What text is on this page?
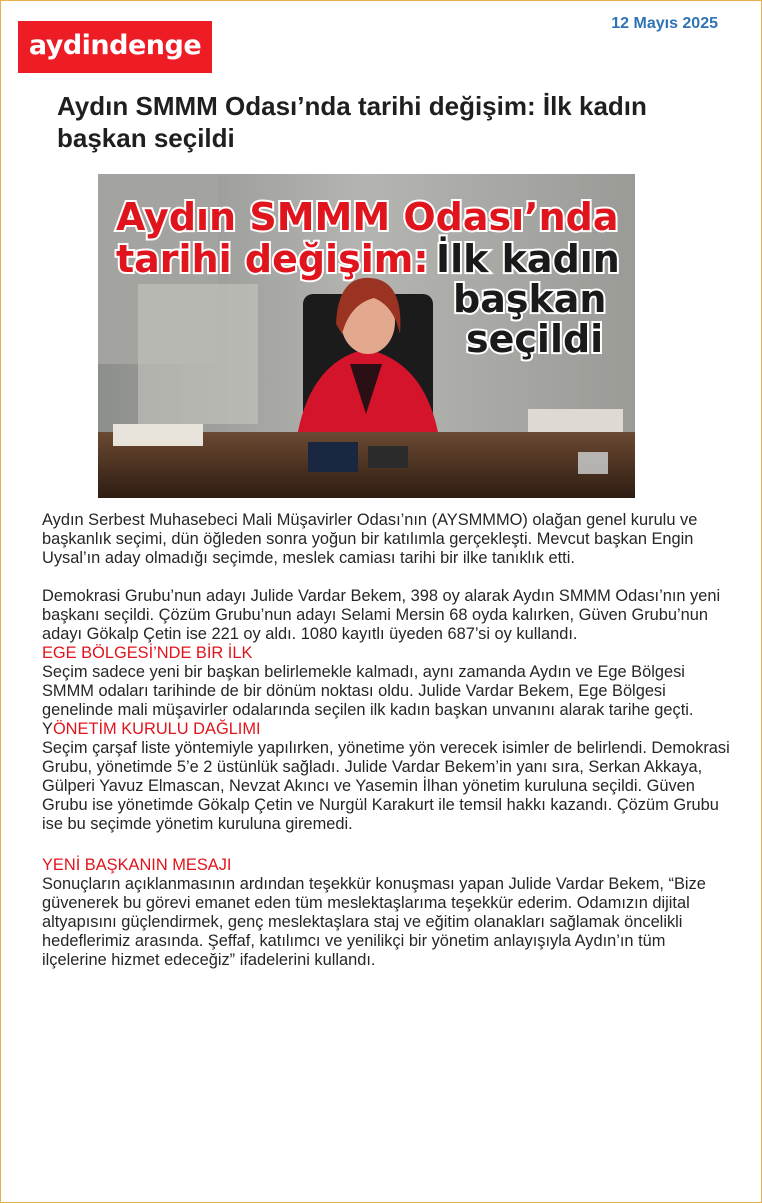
aydindenge
12 Mayıs 2025
Aydın SMMM Odası’nda tarihi değişim: İlk kadın başkan seçildi
Aydın SMMM Odası’nda
tarihi değişim: İlk kadın
başkan
seçildi

Aydın Serbest Muhasebeci Mali Müşavirler Odası’nın (AYSMMMO) olağan genel kurulu ve başkanlık seçimi, dün öğleden sonra yoğun bir katılımla gerçekleşti. Mevcut başkan Engin Uysal’ın aday olmadığı seçimde, meslek camiası tarihi bir ilke tanıklık etti.

Demokrasi Grubu’nun adayı Julide Vardar Bekem, 398 oy alarak Aydın SMMM Odası’nın yeni başkanı seçildi. Çözüm Grubu’nun adayı Selami Mersin 68 oyda kalırken, Güven Grubu’nun adayı Gökalp Çetin ise 221 oy aldı. 1080 kayıtlı üyeden 687’si oy kullandı.

EGE BÖLGESİ’NDE BİR İLK

Seçim sadece yeni bir başkan belirlemekle kalmadı, aynı zamanda Aydın ve Ege Bölgesi SMMM odaları tarihinde de bir dönüm noktası oldu. Julide Vardar Bekem, Ege Bölgesi genelinde mali müşavirler odalarında seçilen ilk kadın başkan unvanını alarak tarihe geçti.

YÖNETİM KURULU DAĞLIMI

Seçim çarşaf liste yöntemiyle yapılırken, yönetime yön verecek isimler de belirlendi. Demokrasi Grubu, yönetimde 5’e 2 üstünlük sağladı. Julide Vardar Bekem’in yanı sıra, Serkan Akkaya, Gülperi Yavuz Elmascan, Nevzat Akıncı ve Yasemin İlhan yönetim kuruluna seçildi. Güven Grubu ise yönetimde Gökalp Çetin ve Nurgül Karakurt ile temsil hakkı kazandı. Çözüm Grubu ise bu seçimde yönetim kuruluna giremedi.

YENİ BAŞKANIN MESAJI

Sonuçların açıklanmasının ardından teşekkür konuşması yapan Julide Vardar Bekem, “Bize güvenerek bu görevi emanet eden tüm meslektaşlarıma teşekkür ederim. Odamızın dijital altyapısını güçlendirmek, genç meslektaşlara staj ve eğitim olanakları sağlamak öncelikli hedeflerimiz arasında. Şeffaf, katılımcı ve yenilikçi bir yönetim anlayışıyla Aydın’ın tüm ilçelerine hizmet edeceğiz” ifadelerini kullandı.
